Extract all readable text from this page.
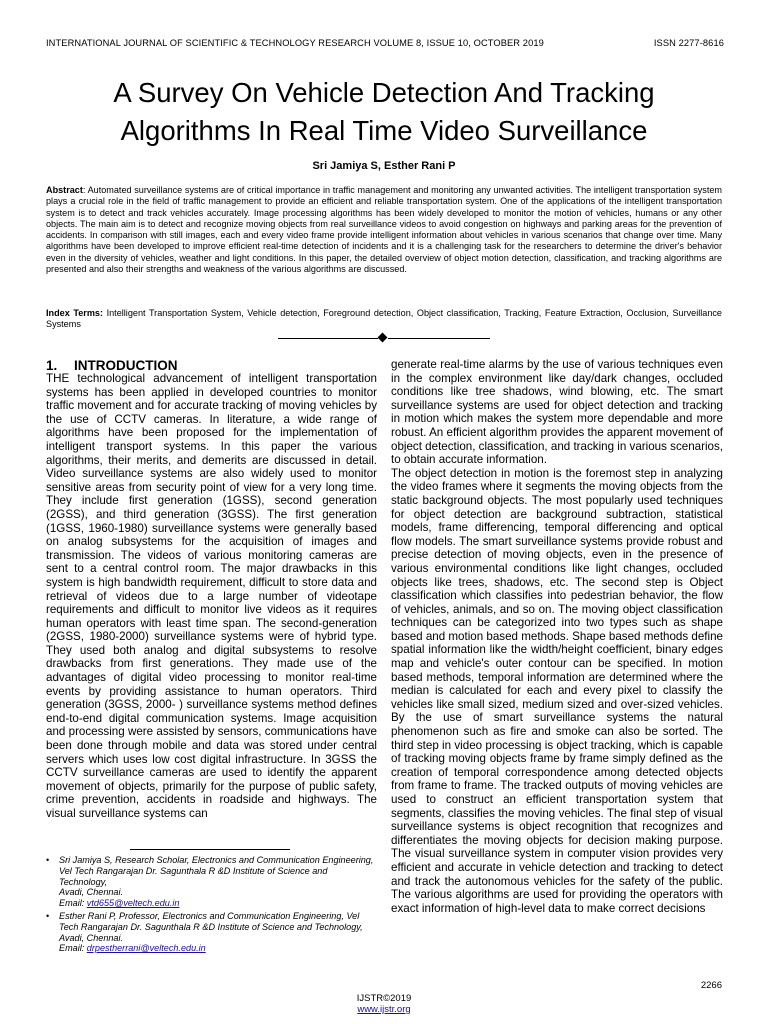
INTERNATIONAL JOURNAL OF SCIENTIFIC & TECHNOLOGY RESEARCH VOLUME 8, ISSUE 10, OCTOBER 2019	ISSN 2277-8616
A Survey On Vehicle Detection And Tracking
Algorithms In Real Time Video Surveillance
Sri Jamiya S, Esther Rani P
Abstract: Automated surveillance systems are of critical importance in traffic management and monitoring any unwanted activities. The intelligent transportation system plays a crucial role in the field of traffic management to provide an efficient and reliable transportation system. One of the applications of the intelligent transportation system is to detect and track vehicles accurately. Image processing algorithms has been widely developed to monitor the motion of vehicles, humans or any other objects. The main aim is to detect and recognize moving objects from real surveillance videos to avoid congestion on highways and parking areas for the prevention of accidents. In comparison with still images, each and every video frame provide intelligent information about vehicles in various scenarios that change over time. Many algorithms have been developed to improve efficient real-time detection of incidents and it is a challenging task for the researchers to determine the driver's behavior even in the diversity of vehicles, weather and light conditions. In this paper, the detailed overview of object motion detection, classification, and tracking algorithms are presented and also their strengths and weakness of the various algorithms are discussed.
Index Terms: Intelligent Transportation System, Vehicle detection, Foreground detection, Object classification, Tracking, Feature Extraction, Occlusion, Surveillance Systems
1. INTRODUCTION
THE technological advancement of intelligent transportation systems has been applied in developed countries to monitor traffic movement and for accurate tracking of moving vehicles by the use of CCTV cameras. In literature, a wide range of algorithms have been proposed for the implementation of intelligent transport systems. In this paper the various algorithms, their merits, and demerits are discussed in detail. Video surveillance systems are also widely used to monitor sensitive areas from security point of view for a very long time. They include first generation (1GSS), second generation (2GSS), and third generation (3GSS). The first generation (1GSS, 1960-1980) surveillance systems were generally based on analog subsystems for the acquisition of images and transmission. The videos of various monitoring cameras are sent to a central control room. The major drawbacks in this system is high bandwidth requirement, difficult to store data and retrieval of videos due to a large number of videotape requirements and difficult to monitor live videos as it requires human operators with least time span. The second-generation (2GSS, 1980-2000) surveillance systems were of hybrid type. They used both analog and digital subsystems to resolve drawbacks from first generations. They made use of the advantages of digital video processing to monitor real-time events by providing assistance to human operators. Third generation (3GSS, 2000- ) surveillance systems method defines end-to-end digital communication systems. Image acquisition and processing were assisted by sensors, communications have been done through mobile and data was stored under central servers which uses low cost digital infrastructure. In 3GSS the CCTV surveillance cameras are used to identify the apparent movement of objects, primarily for the purpose of public safety, crime prevention, accidents in roadside and highways. The visual surveillance systems can
• Sri Jamiya S, Research Scholar, Electronics and Communication Engineering, Vel Tech Rangarajan Dr. Sagunthala R &D Institute of Science and Technology,
Avadi, Chennai.
Email: vtd655@veltech.edu.in
• Esther Rani P, Professor, Electronics and Communication Engineering, Vel Tech Rangarajan Dr. Sagunthala R &D Institute of Science and Technology,
Avadi, Chennai.
Email: drpestherrani@veltech.edu.in
generate real-time alarms by the use of various techniques even in the complex environment like day/dark changes, occluded conditions like tree shadows, wind blowing, etc. The smart surveillance systems are used for object detection and tracking in motion which makes the system more dependable and more robust. An efficient algorithm provides the apparent movement of object detection, classification, and tracking in various scenarios, to obtain accurate information.
The object detection in motion is the foremost step in analyzing the video frames where it segments the moving objects from the static background objects. The most popularly used techniques for object detection are background subtraction, statistical models, frame differencing, temporal differencing and optical flow models. The smart surveillance systems provide robust and precise detection of moving objects, even in the presence of various environmental conditions like light changes, occluded objects like trees, shadows, etc. The second step is Object classification which classifies into pedestrian behavior, the flow of vehicles, animals, and so on. The moving object classification techniques can be categorized into two types such as shape based and motion based methods. Shape based methods define spatial information like the width/height coefficient, binary edges map and vehicle's outer contour can be specified. In motion based methods, temporal information are determined where the median is calculated for each and every pixel to classify the vehicles like small sized, medium sized and over-sized vehicles. By the use of smart surveillance systems the natural phenomenon such as fire and smoke can also be sorted. The third step in video processing is object tracking, which is capable of tracking moving objects frame by frame simply defined as the creation of temporal correspondence among detected objects from frame to frame. The tracked outputs of moving vehicles are used to construct an efficient transportation system that segments, classifies the moving vehicles. The final step of visual surveillance systems is object recognition that recognizes and differentiates the moving objects for decision making purpose. The visual surveillance system in computer vision provides very efficient and accurate in vehicle detection and tracking to detect and track the autonomous vehicles for the safety of the public. The various algorithms are used for providing the operators with exact information of high-level data to make correct decisions
2266
IJSTR©2019
www.ijstr.org
